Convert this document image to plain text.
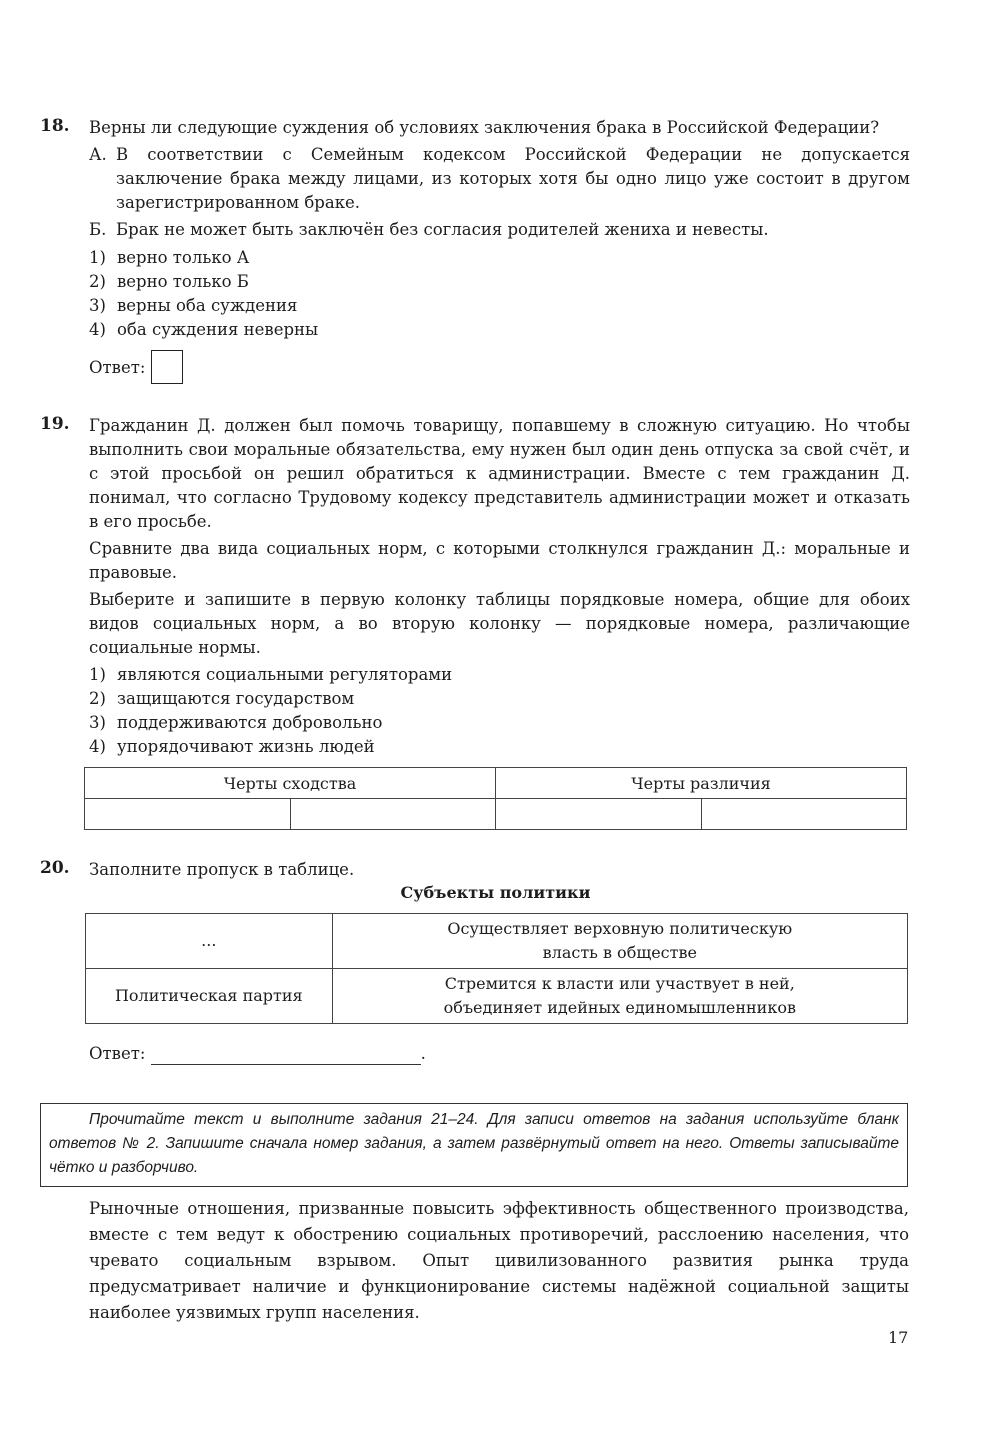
18. Верны ли следующие суждения об условиях заключения брака в Российской Федерации?
А. В соответствии с Семейным кодексом Российской Федерации не допускается заключение брака между лицами, из которых хотя бы одно лицо уже состоит в другом зарегистрированном браке.
Б. Брак не может быть заключён без согласия родителей жениха и невесты.
1) верно только А
2) верно только Б
3) верны оба суждения
4) оба суждения неверны
Ответ:
19. Гражданин Д. должен был помочь товарищу, попавшему в сложную ситуацию. Но чтобы выполнить свои моральные обязательства, ему нужен был один день отпуска за свой счёт, и с этой просьбой он решил обратиться к администрации. Вместе с тем гражданин Д. понимал, что согласно Трудовому кодексу представитель администрации может и отказать в его просьбе.
Сравните два вида социальных норм, с которыми столкнулся гражданин Д.: моральные и правовые.
Выберите и запишите в первую колонку таблицы порядковые номера, общие для обоих видов социальных норм, а во вторую колонку — порядковые номера, различающие социальные нормы.
1) являются социальными регуляторами
2) защищаются государством
3) поддерживаются добровольно
4) упорядочивают жизнь людей
Черты сходства		Черты различия	

20. Заполните пропуск в таблице.
Субъекты политики
...	Осуществляет верховную политическую
власть в обществе

Политическая партия	Стремится к власти или участвует в ней,
объединяет идейных единомышленников
Ответ:	.
Прочитайте текст и выполните задания 21–24. Для записи ответов на задания используйте бланк ответов № 2. Запишите сначала номер задания, а затем развёрнутый ответ на него. Ответы записывайте чётко и разборчиво.

Рыночные отношения, призванные повысить эффективность общественного производства, вместе с тем ведут к обострению социальных противоречий, расслоению населения, что чревато социальным взрывом. Опыт цивилизованного развития рынка труда предусматривает наличие и функционирование системы надёжной социальной защиты наиболее уязвимых групп населения.

17
